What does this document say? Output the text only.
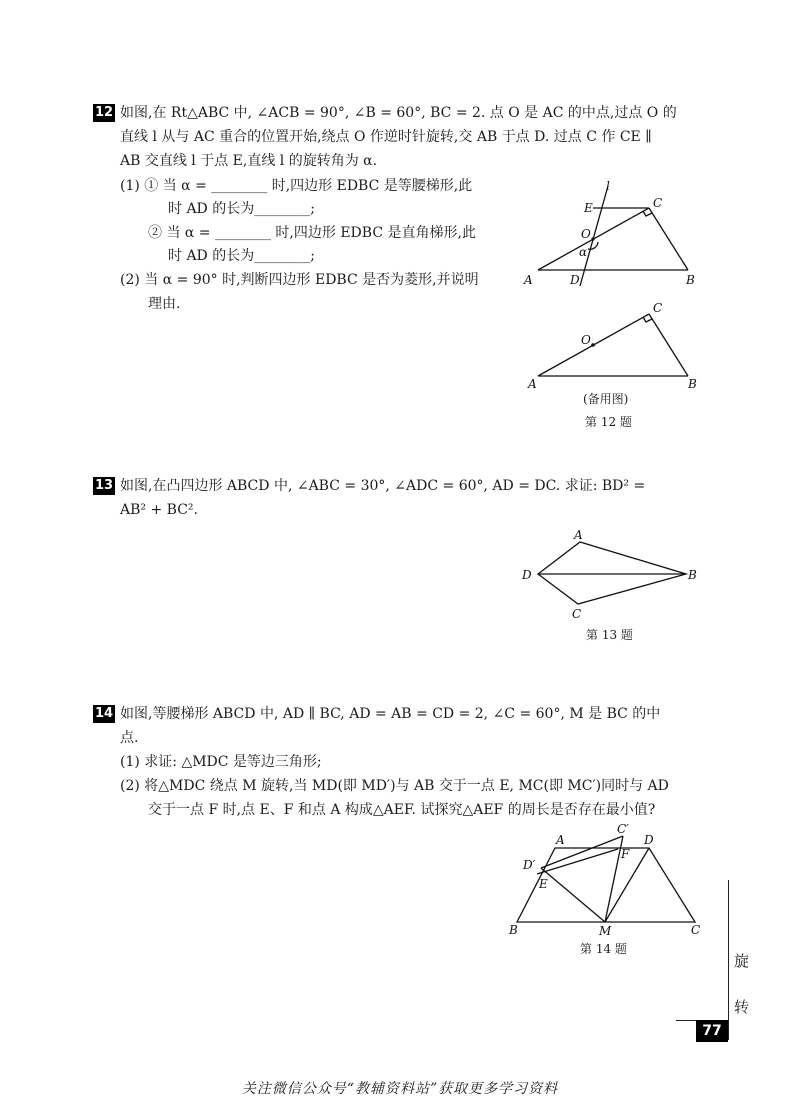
12 如图,在 Rt△ABC 中, ∠ACB = 90°, ∠B = 60°, BC = 2. 点 O 是 AC 的中点,过点 O 的
直线 l 从与 AC 重合的位置开始,绕点 O 作逆时针旋转,交 AB 于点 D. 过点 C 作 CE ∥
AB 交直线 l 于点 E,直线 l 的旋转角为 α.
(1) ① 当 α = ________ 时,四边形 EDBC 是等腰梯形,此
时 AD 的长为________;
② 当 α = ________ 时,四边形 EDBC 是直角梯形,此
时 AD 的长为________;
(2) 当 α = 90° 时,判断四边形 EDBC 是否为菱形,并说明
理由.
l
E	C
O
α
A	D	B
C
O
A	B
(备用图)
第 12 题
13 如图,在凸四边形 ABCD 中, ∠ABC = 30°, ∠ADC = 60°, AD = DC. 求证: BD² =
AB² + BC².
A
D	B
C
第 13 题
14 如图,等腰梯形 ABCD 中, AD ∥ BC, AD = AB = CD = 2, ∠C = 60°, M 是 BC 的中
点.
(1) 求证: △MDC 是等边三角形;
(2) 将△MDC 绕点 M 旋转,当 MD(即 MD′)与 AB 交于一点 E, MC(即 MC′)同时与 AD
交于一点 F 时,点 E、F 和点 A 构成△AEF. 试探究△AEF 的周长是否存在最小值?
A
C′
D
D′
F
E
B	M	C
第 14 题
旋
转
77
关注微信公众号“教辅资料站”获取更多学习资料
